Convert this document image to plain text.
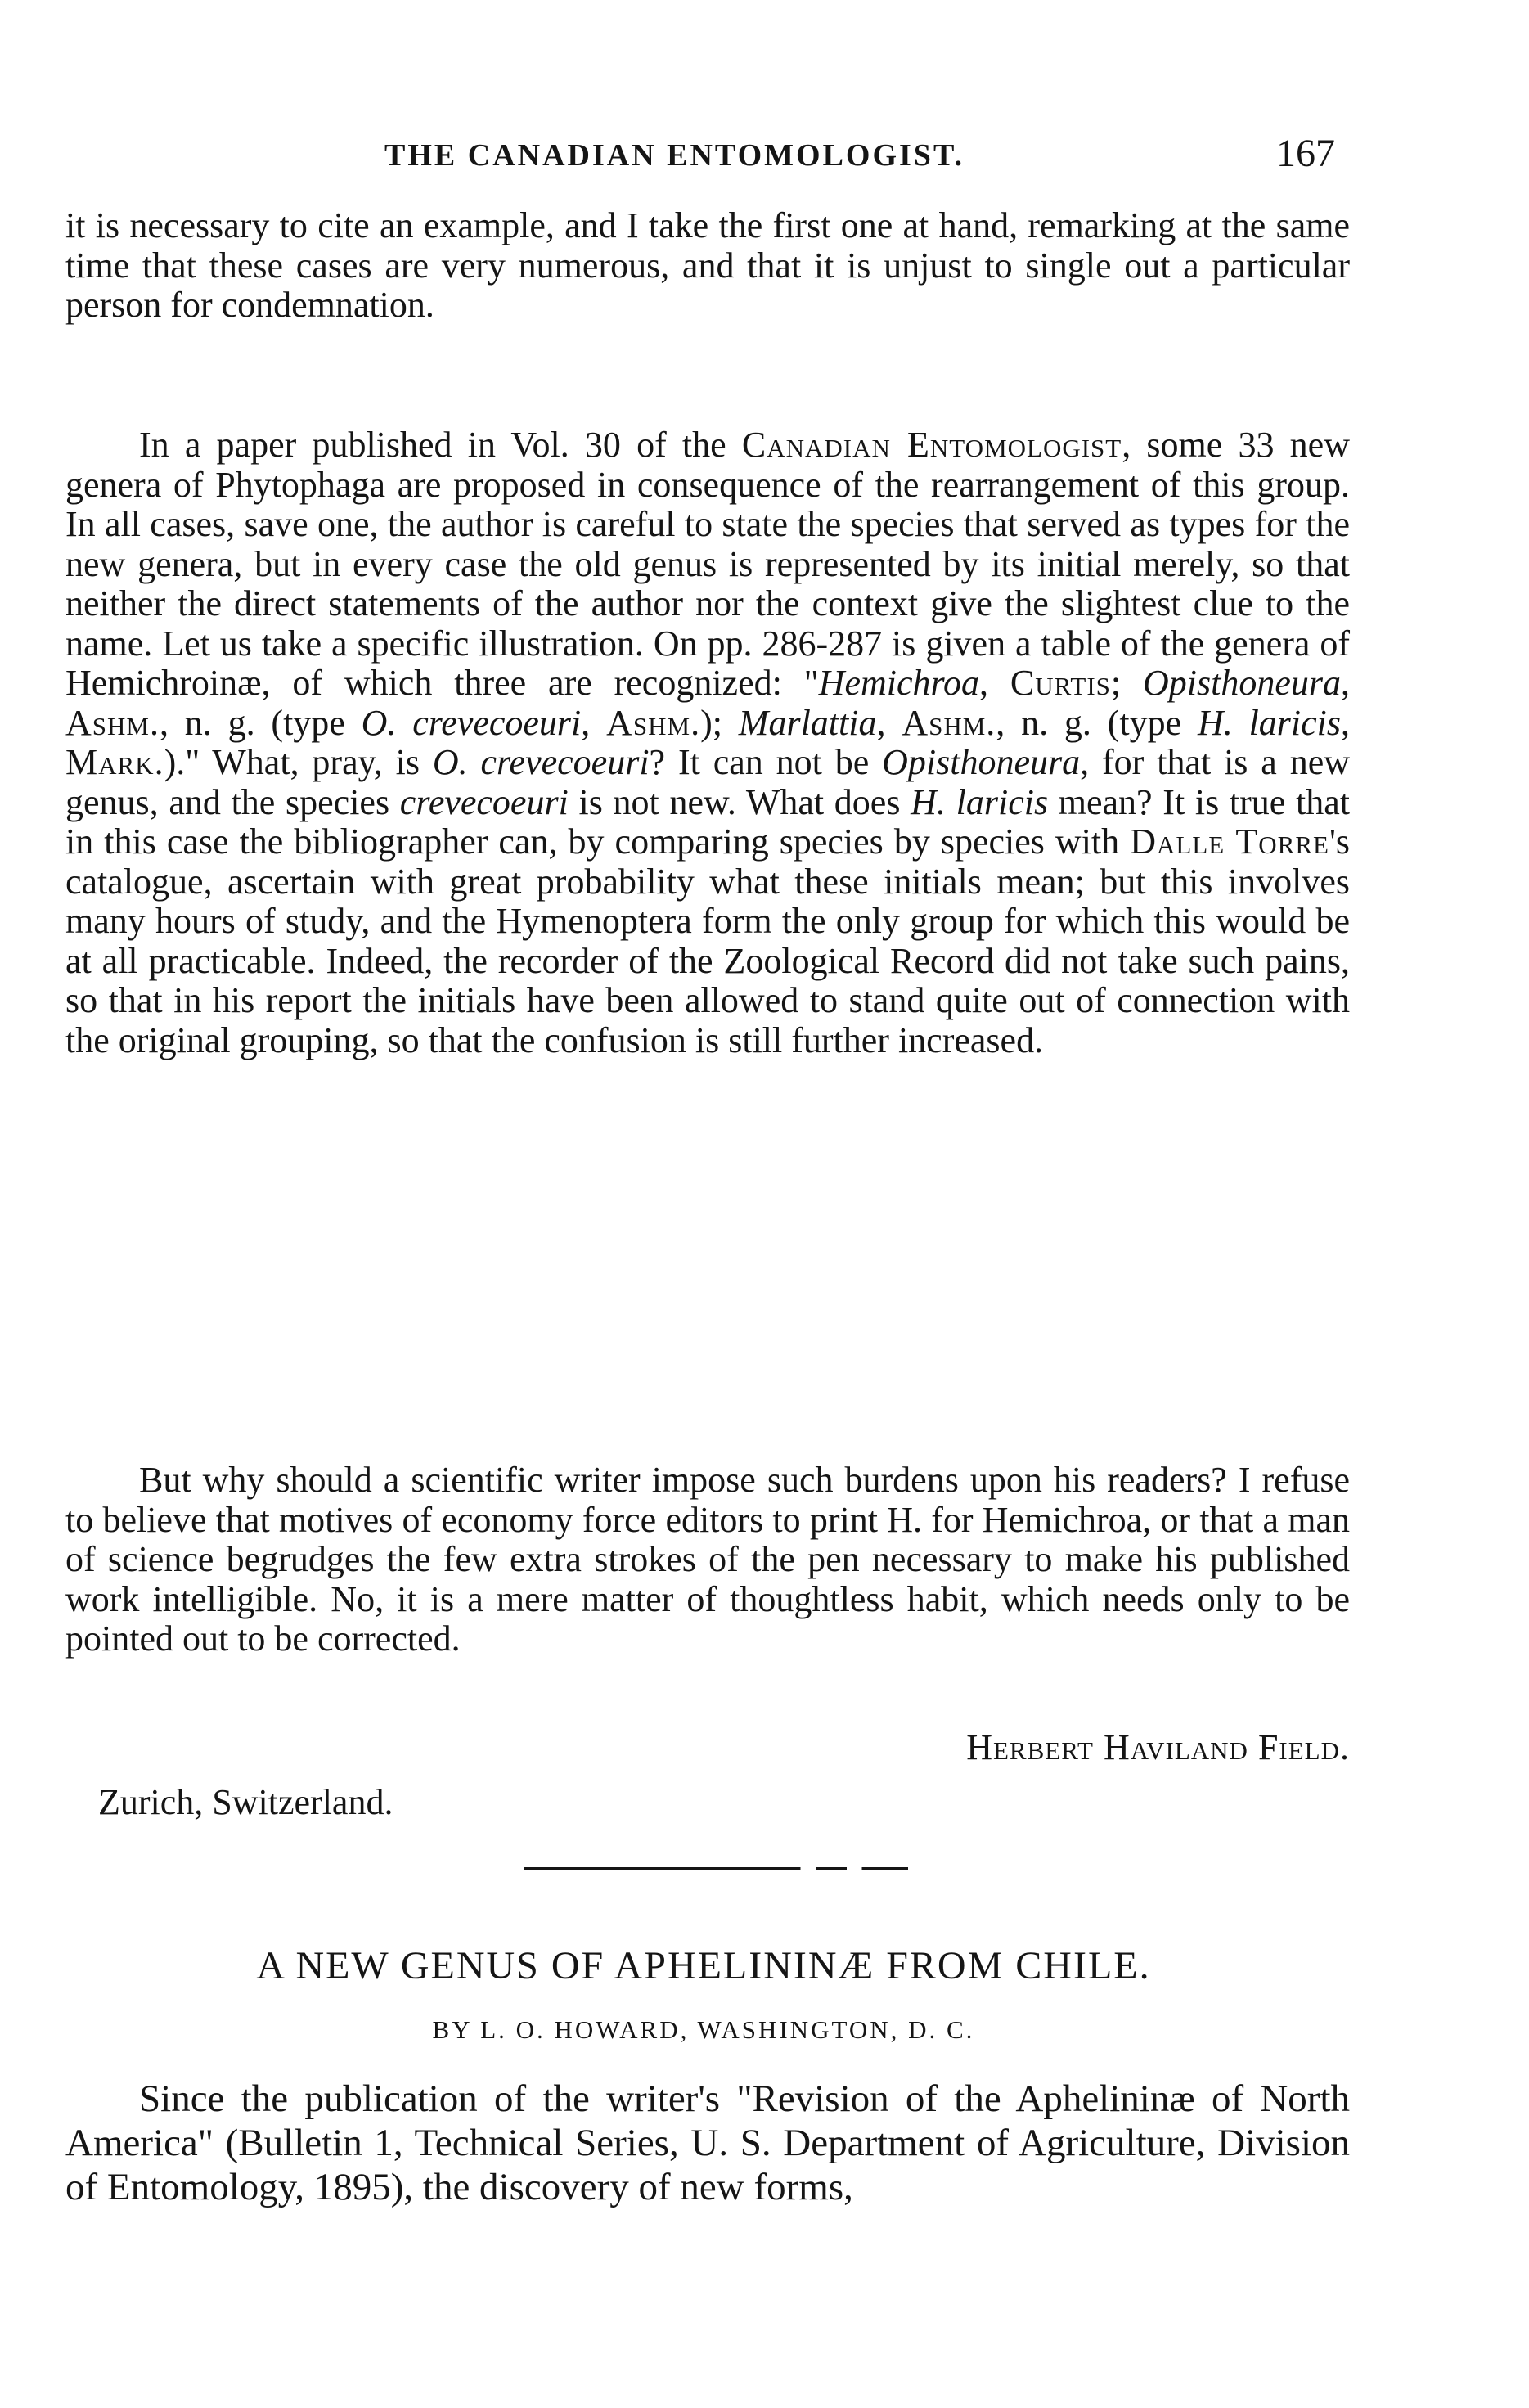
THE CANADIAN ENTOMOLOGIST.	167

it is necessary to cite an example, and I take the first one at hand, remarking at the same time that these cases are very numerous, and that it is unjust to single out a particular person for condemnation.

In a paper published in Vol. 30 of the Canadian Entomologist, some 33 new genera of Phytophaga are proposed in consequence of the rearrangement of this group. In all cases, save one, the author is careful to state the species that served as types for the new genera, but in every case the old genus is represented by its initial merely, so that neither the direct statements of the author nor the context give the slightest clue to the name. Let us take a specific illustration. On pp. 286-287 is given a table of the genera of Hemichroinæ, of which three are recognized: "Hemichroa, Curtis; Opisthoneura, Ashm., n. g. (type O. crevecoeuri, Ashm.); Marlattia, Ashm., n. g. (type H. laricis, Mark.)." What, pray, is O. crevecoeuri? It can not be Opisthoneura, for that is a new genus, and the species crevecoeuri is not new. What does H. laricis mean? It is true that in this case the bibliographer can, by comparing species by species with Dalle Torre's catalogue, ascertain with great probability what these initials mean; but this involves many hours of study, and the Hymenoptera form the only group for which this would be at all practicable. Indeed, the recorder of the Zoological Record did not take such pains, so that in his report the initials have been allowed to stand quite out of connection with the original grouping, so that the confusion is still further increased.

But why should a scientific writer impose such burdens upon his readers? I refuse to believe that motives of economy force editors to print H. for Hemichroa, or that a man of science begrudges the few extra strokes of the pen necessary to make his published work intelligible. No, it is a mere matter of thoughtless habit, which needs only to be pointed out to be corrected.

Herbert Haviland Field.
Zurich, Switzerland.
A NEW GENUS OF APHELININÆ FROM CHILE.
BY L. O. HOWARD, WASHINGTON, D. C.

Since the publication of the writer's "Revision of the Aphelininæ of North America" (Bulletin 1, Technical Series, U. S. Department of Agriculture, Division of Entomology, 1895), the discovery of new forms,
